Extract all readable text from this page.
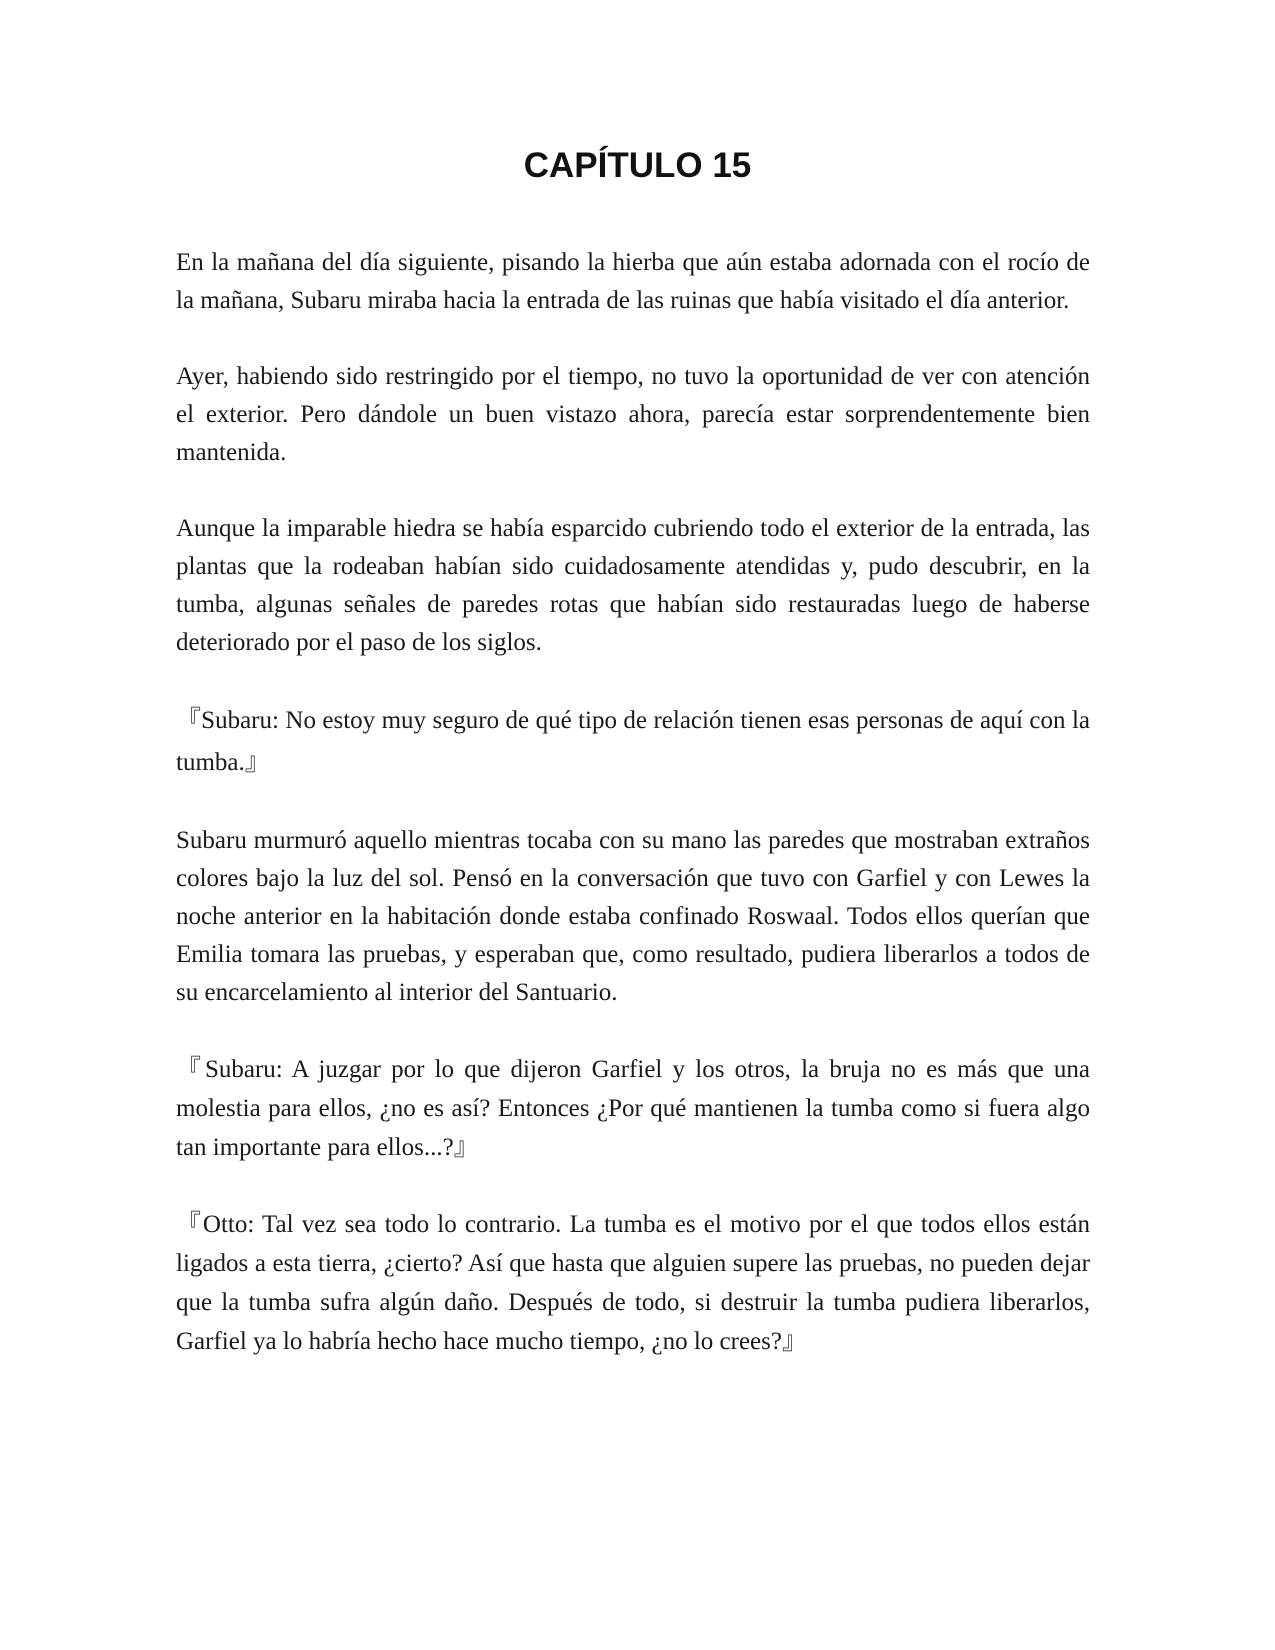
CAPÍTULO 15

En la mañana del día siguiente, pisando la hierba que aún estaba adornada con el rocío de la mañana, Subaru miraba hacia la entrada de las ruinas que había visitado el día anterior.

Ayer, habiendo sido restringido por el tiempo, no tuvo la oportunidad de ver con atención el exterior. Pero dándole un buen vistazo ahora, parecía estar sorprendentemente bien mantenida.

Aunque la imparable hiedra se había esparcido cubriendo todo el exterior de la entrada, las plantas que la rodeaban habían sido cuidadosamente atendidas y, pudo descubrir, en la tumba, algunas señales de paredes rotas que habían sido restauradas luego de haberse deteriorado por el paso de los siglos.

『Subaru: No estoy muy seguro de qué tipo de relación tienen esas personas de aquí con la tumba.』

Subaru murmuró aquello mientras tocaba con su mano las paredes que mostraban extraños colores bajo la luz del sol. Pensó en la conversación que tuvo con Garfiel y con Lewes la noche anterior en la habitación donde estaba confinado Roswaal. Todos ellos querían que Emilia tomara las pruebas, y esperaban que, como resultado, pudiera liberarlos a todos de su encarcelamiento al interior del Santuario.

『Subaru: A juzgar por lo que dijeron Garfiel y los otros, la bruja no es más que una molestia para ellos, ¿no es así? Entonces ¿Por qué mantienen la tumba como si fuera algo tan importante para ellos...?』

『Otto: Tal vez sea todo lo contrario. La tumba es el motivo por el que todos ellos están ligados a esta tierra, ¿cierto? Así que hasta que alguien supere las pruebas, no pueden dejar que la tumba sufra algún daño. Después de todo, si destruir la tumba pudiera liberarlos, Garfiel ya lo habría hecho hace mucho tiempo, ¿no lo crees?』
